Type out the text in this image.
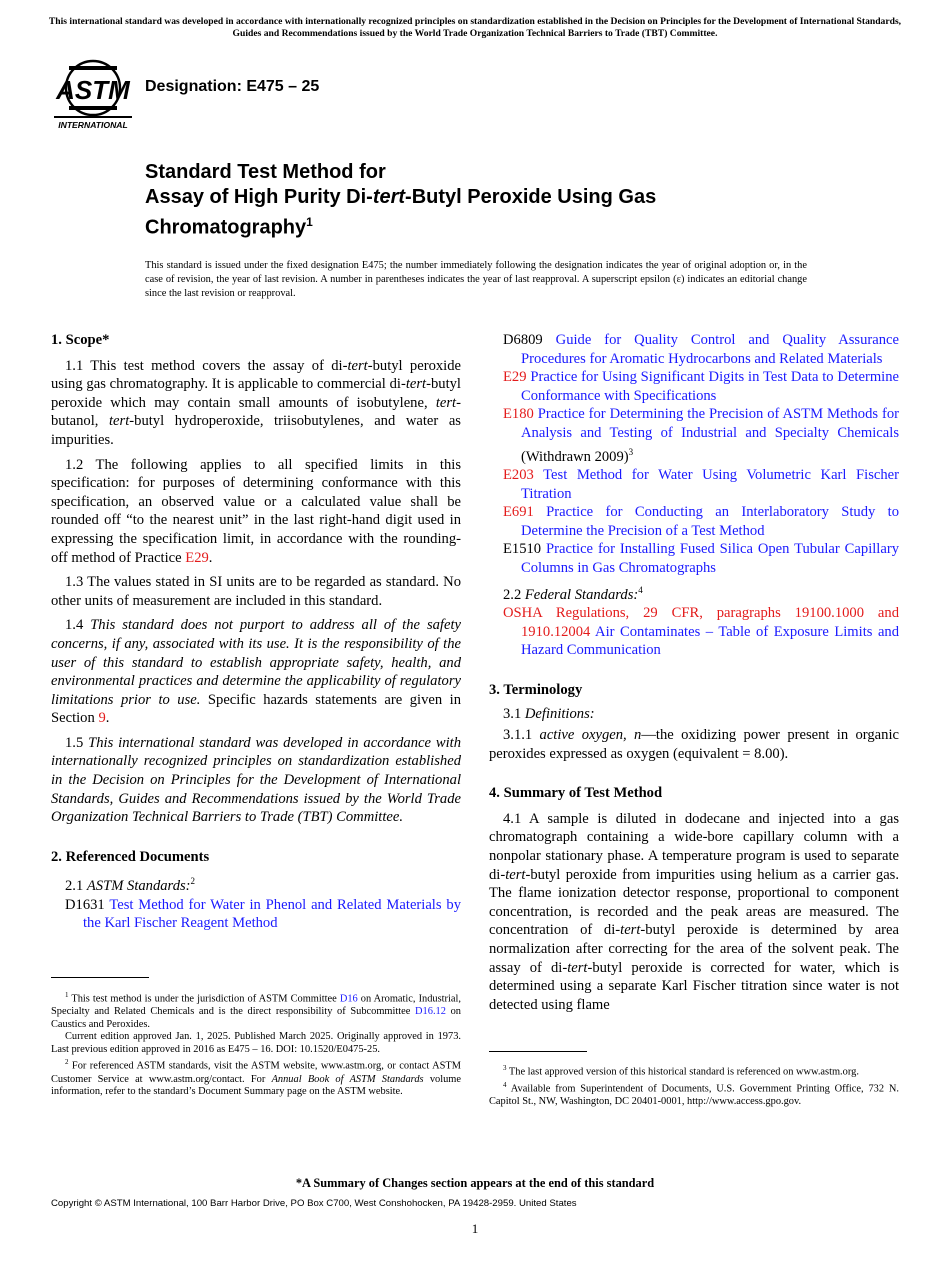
This international standard was developed in accordance with internationally recognized principles on standardization established in the Decision on Principles for the Development of International Standards, Guides and Recommendations issued by the World Trade Organization Technical Barriers to Trade (TBT) Committee.
ASTM
INTERNATIONAL
Designation: E475 – 25
Standard Test Method for
Assay of High Purity Di-tert-Butyl Peroxide Using Gas
Chromatography$^1$
This standard is issued under the fixed designation E475; the number immediately following the designation indicates the year of original adoption or, in the case of revision, the year of last revision. A number in parentheses indicates the year of last reapproval. A superscript epsilon (ε) indicates an editorial change since the last revision or reapproval.
1. Scope*

1.1 This test method covers the assay of di-tert-butyl peroxide using gas chromatography. It is applicable to commercial di-tert-butyl peroxide which may contain small amounts of isobutylene, tert-butanol, tert-butyl hydroperoxide, triisobutylenes, and water as impurities.

1.2 The following applies to all specified limits in this specification: for purposes of determining conformance with this specification, an observed value or a calculated value shall be rounded off “to the nearest unit” in the last right-hand digit used in expressing the specification limit, in accordance with the rounding-off method of Practice E29.

1.3 The values stated in SI units are to be regarded as standard. No other units of measurement are included in this standard.

1.4 This standard does not purport to address all of the safety concerns, if any, associated with its use. It is the responsibility of the user of this standard to establish appropriate safety, health, and environmental practices and determine the applicability of regulatory limitations prior to use. Specific hazards statements are given in Section 9.

1.5 This international standard was developed in accordance with internationally recognized principles on standardization established in the Decision on Principles for the Development of International Standards, Guides and Recommendations issued by the World Trade Organization Technical Barriers to Trade (TBT) Committee.

2. Referenced Documents

2.1 ASTM Standards:$^2$

D1631 Test Method for Water in Phenol and Related Materials by the Karl Fischer Reagent Method

$^1$ This test method is under the jurisdiction of ASTM Committee D16 on Aromatic, Industrial, Specialty and Related Chemicals and is the direct responsibility of Subcommittee D16.12 on Caustics and Peroxides.

Current edition approved Jan. 1, 2025. Published March 2025. Originally approved in 1973. Last previous edition approved in 2016 as E475 – 16. DOI: 10.1520/E0475-25.

$^2$ For referenced ASTM standards, visit the ASTM website, www.astm.org, or contact ASTM Customer Service at www.astm.org/contact. For Annual Book of ASTM Standards volume information, refer to the standard’s Document Summary page on the ASTM website.

D6809 Guide for Quality Control and Quality Assurance Procedures for Aromatic Hydrocarbons and Related Materials

E29 Practice for Using Significant Digits in Test Data to Determine Conformance with Specifications

E180 Practice for Determining the Precision of ASTM Methods for Analysis and Testing of Industrial and Specialty Chemicals (Withdrawn 2009)$^3$

E203 Test Method for Water Using Volumetric Karl Fischer Titration

E691 Practice for Conducting an Interlaboratory Study to Determine the Precision of a Test Method

E1510 Practice for Installing Fused Silica Open Tubular Capillary Columns in Gas Chromatographs

2.2 Federal Standards:$^4$

OSHA Regulations, 29 CFR, paragraphs 19100.1000 and 1910.12004 Air Contaminates – Table of Exposure Limits and Hazard Communication

3. Terminology

3.1 Definitions:

3.1.1 active oxygen, n—the oxidizing power present in organic peroxides expressed as oxygen (equivalent = 8.00).

4. Summary of Test Method

4.1 A sample is diluted in dodecane and injected into a gas chromatograph containing a wide-bore capillary column with a nonpolar stationary phase. A temperature program is used to separate di-tert-butyl peroxide from impurities using helium as a carrier gas. The flame ionization detector response, proportional to component concentration, is recorded and the peak areas are measured. The concentration of di-tert-butyl peroxide is determined by area normalization after correcting for the area of the solvent peak. The assay of di-tert-butyl peroxide is corrected for water, which is determined using a separate Karl Fischer titration since water is not detected using flame

$^3$ The last approved version of this historical standard is referenced on www.astm.org.

$^4$ Available from Superintendent of Documents, U.S. Government Printing Office, 732 N. Capitol St., NW, Washington, DC 20401-0001, http://www.access.gpo.gov.

*A Summary of Changes section appears at the end of this standard
Copyright © ASTM International, 100 Barr Harbor Drive, PO Box C700, West Conshohocken, PA 19428-2959. United States
1
